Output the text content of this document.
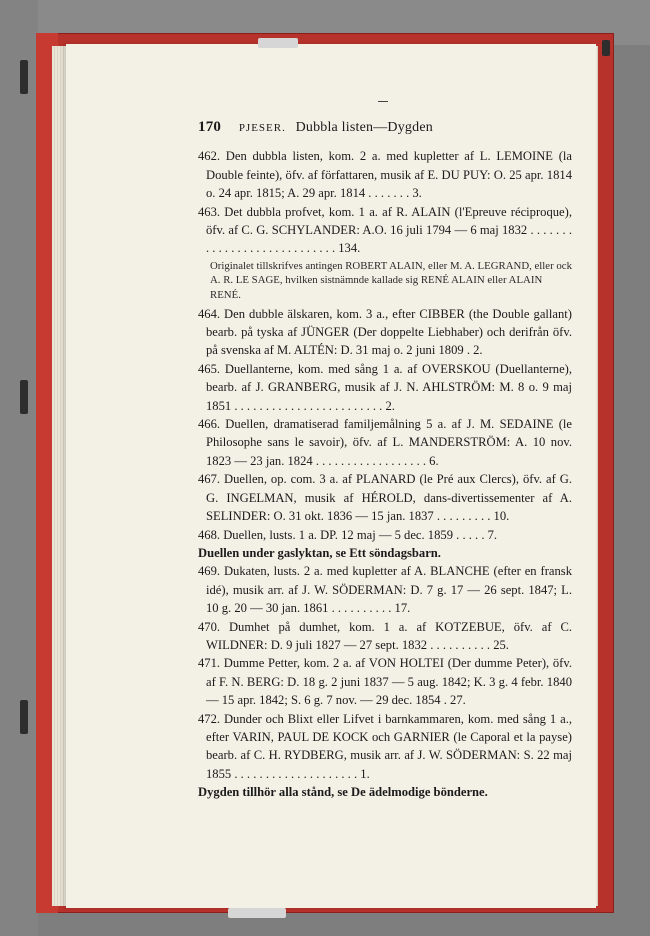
170 PJESER. Dubbla listen—Dygden
462. Den dubbla listen, kom. 2 a. med kupletter af L. LEMOINE (la Double feinte), öfv. af författaren, musik af E. DU PUY: O. 25 apr. 1814 o. 24 apr. 1815; A. 29 apr. 1814 . . . . . . . 3.
463. Det dubbla profvet, kom. 1 a. af R. ALAIN (l'Epreuve réciproque), öfv. af C. G. SCHYLANDER: A.O. 16 juli 1794 — 6 maj 1832 . . . . . . . . . . . . . . . . . . . . . . . . . . . . 134.
Originalet tillskrifves antingen ROBERT ALAIN, eller M. A. LEGRAND, eller ock A. R. LE SAGE, hvilken sistnämnde kallade sig RENÉ ALAIN eller ALAIN RENÉ.
464. Den dubble älskaren, kom. 3 a., efter CIBBER (the Double gallant) bearb. på tyska af JÜNGER (Der doppelte Liebhaber) och derifrån öfv. på svenska af M. ALTÉN: D. 31 maj o. 2 juni 1809 . 2.
465. Duellanterne, kom. med sång 1 a. af OVERSKOU (Duellanterne), bearb. af J. GRANBERG, musik af J. N. AHLSTRÖM: M. 8 o. 9 maj 1851 . . . . . . . . . . . . . . . . . . . . . . . . 2.
466. Duellen, dramatiserad familjemålning 5 a. af J. M. SEDAINE (le Philosophe sans le savoir), öfv. af L. MANDERSTRÖM: A. 10 nov. 1823 — 23 jan. 1824 . . . . . . . . . . . . . . . . . . 6.
467. Duellen, op. com. 3 a. af PLANARD (le Pré aux Clercs), öfv. af G. G. INGELMAN, musik af HÉROLD, dans-divertissementer af A. SELINDER: O. 31 okt. 1836 — 15 jan. 1837 . . . . . . . . . 10.
468. Duellen, lusts. 1 a. DP. 12 maj — 5 dec. 1859 . . . . . 7.
Duellen under gaslyktan, se Ett söndagsbarn.
469. Dukaten, lusts. 2 a. med kupletter af A. BLANCHE (efter en fransk idé), musik arr. af J. W. SÖDERMAN: D. 7 g. 17 — 26 sept. 1847; L. 10 g. 20 — 30 jan. 1861 . . . . . . . . . . 17.
470. Dumhet på dumhet, kom. 1 a. af KOTZEBUE, öfv. af C. WILDNER: D. 9 juli 1827 — 27 sept. 1832 . . . . . . . . . . 25.
471. Dumme Petter, kom. 2 a. af VON HOLTEI (Der dumme Peter), öfv. af F. N. BERG: D. 18 g. 2 juni 1837 — 5 aug. 1842; K. 3 g. 4 febr. 1840 — 15 apr. 1842; S. 6 g. 7 nov. — 29 dec. 1854 . 27.
472. Dunder och Blixt eller Lifvet i barnkammaren, kom. med sång 1 a., efter VARIN, PAUL DE KOCK och GARNIER (le Caporal et la payse) bearb. af C. H. RYDBERG, musik arr. af J. W. SÖDERMAN: S. 22 maj 1855 . . . . . . . . . . . . . . . . . . . . 1.
Dygden tillhör alla stånd, se De ädelmodige bönderne.
